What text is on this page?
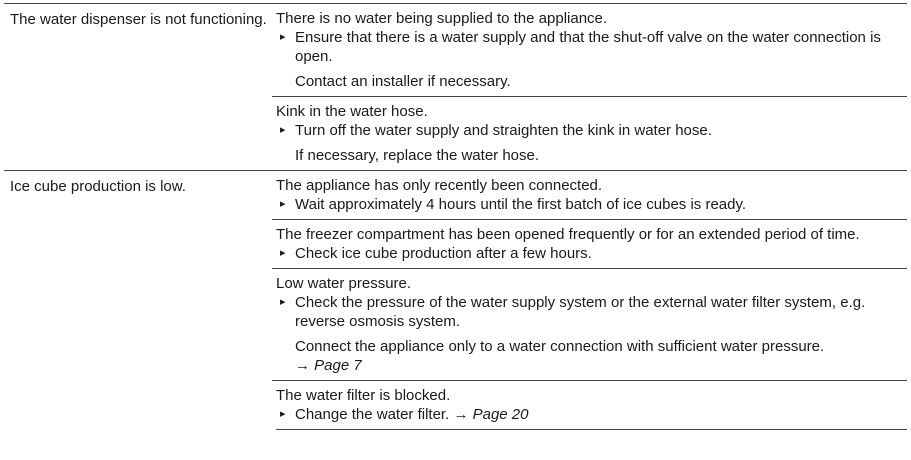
The water dispenser is not functioning. There is no water being supplied to the appliance.
▸ Ensure that there is a water supply and that the shut-off valve on the water connection is open.
Contact an installer if necessary.
Kink in the water hose.
▸ Turn off the water supply and straighten the kink in water hose.
If necessary, replace the water hose.
Ice cube production is low.	The appliance has only recently been connected.
▸ Wait approximately 4 hours until the first batch of ice cubes is ready.
The freezer compartment has been opened frequently or for an extended period of time.
▸ Check ice cube production after a few hours.
Low water pressure.
▸ Check the pressure of the water supply system or the external water filter system, e.g. reverse osmosis system.
Connect the appliance only to a water connection with sufficient water pressure.
→ Page 7
The water filter is blocked.
▸ Change the water filter. → Page 20
